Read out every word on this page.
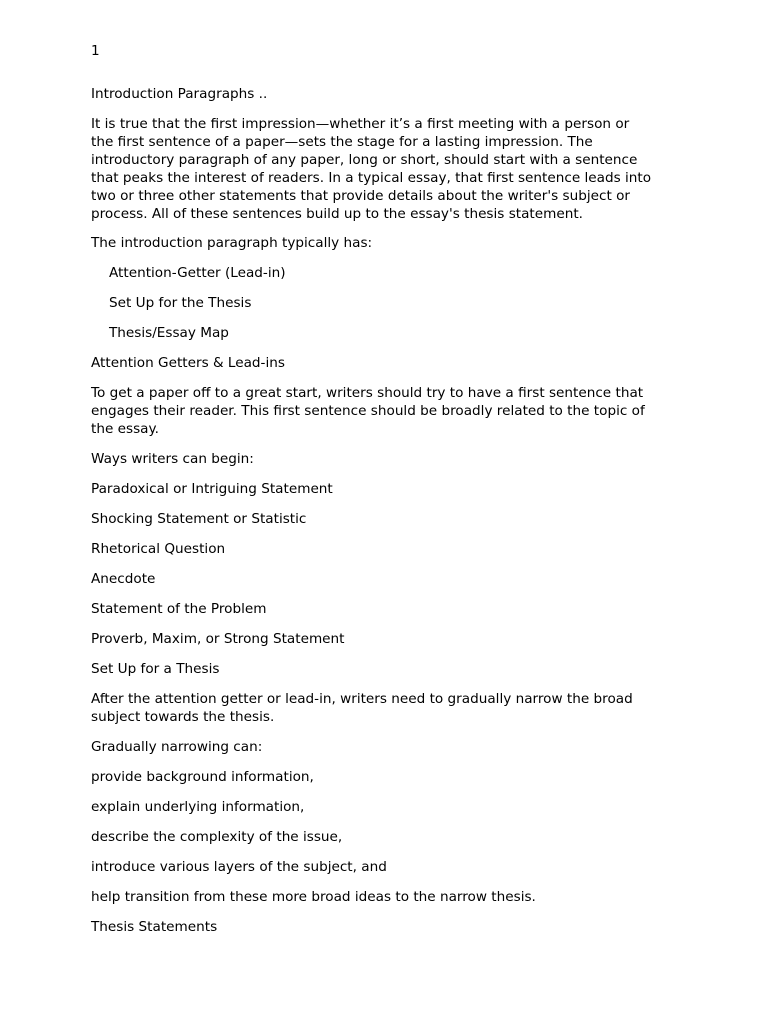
1
Introduction Paragraphs ..
It is true that the first impression—whether it’s a first meeting with a person or
the first sentence of a paper—sets the stage for a lasting impression. The
introductory paragraph of any paper, long or short, should start with a sentence
that peaks the interest of readers. In a typical essay, that first sentence leads into
two or three other statements that provide details about the writer's subject or
process. All of these sentences build up to the essay's thesis statement.
The introduction paragraph typically has:
Attention-Getter (Lead-in)
Set Up for the Thesis
Thesis/Essay Map
Attention Getters & Lead-ins
To get a paper off to a great start, writers should try to have a first sentence that
engages their reader. This first sentence should be broadly related to the topic of
the essay.
Ways writers can begin:
Paradoxical or Intriguing Statement
Shocking Statement or Statistic
Rhetorical Question
Anecdote
Statement of the Problem
Proverb, Maxim, or Strong Statement
Set Up for a Thesis
After the attention getter or lead-in, writers need to gradually narrow the broad
subject towards the thesis.
Gradually narrowing can:
provide background information,
explain underlying information,
describe the complexity of the issue,
introduce various layers of the subject, and
help transition from these more broad ideas to the narrow thesis.
Thesis Statements
